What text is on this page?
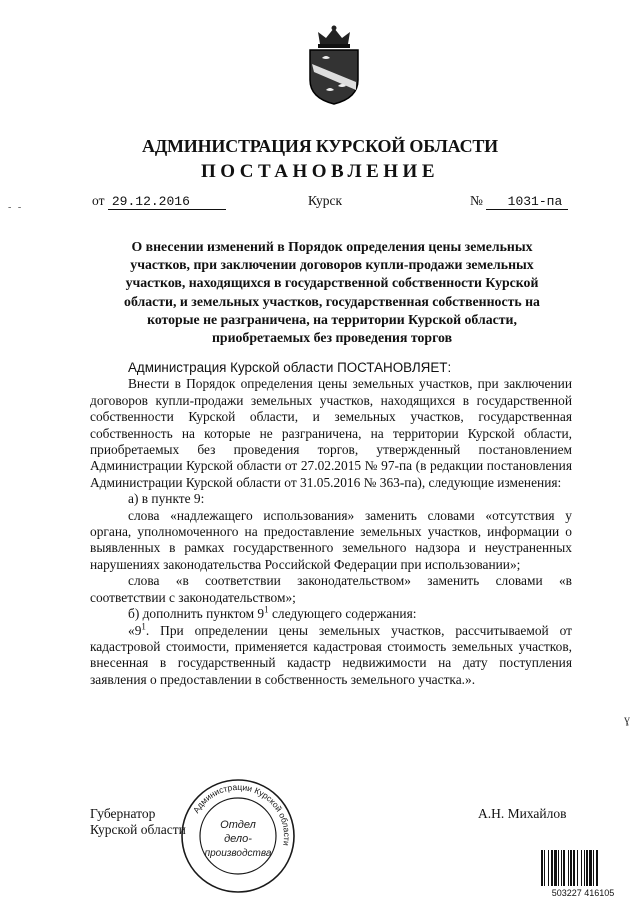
АДМИНИСТРАЦИЯ КУРСКОЙ ОБЛАСТИ
ПОСТАНОВЛЕНИЕ
от 29.12.2016	Курск	№ 1031-па
- -
ɣ
О внесении изменений в Порядок определения цены земельных
участков, при заключении договоров купли-продажи земельных
участков, находящихся в государственной собственности Курской
области, и земельных участков, государственная собственность на
которые не разграничена, на территории Курской области,
приобретаемых без проведения торгов

Администрация Курской области ПОСТАНОВЛЯЕТ:

Внести в Порядок определения цены земельных участков, при заключении договоров купли-продажи земельных участков, находящихся в государственной собственности Курской области, и земельных участков, государственная собственность на которые не разграничена, на территории Курской области, приобретаемых без проведения торгов, утвержденный постановлением Администрации Курской области от 27.02.2015 № 97-па (в редакции постановления Администрации Курской области от 31.05.2016 № 363-па), следующие изменения:

а) в пункте 9:

слова «надлежащего использования» заменить словами «отсутствия у органа, уполномоченного на предоставление земельных участков, информации о выявленных в рамках государственного земельного надзора и неустраненных нарушениях законодательства Российской Федерации при использовании»;

слова «в соответствии законодательством» заменить словами «в соответствии с законодательством»;

б) дополнить пунктом $9^1$ следующего содержания:

«$9^1$. При определении цены земельных участков, рассчитываемой от кадастровой стоимости, применяется кадастровая стоимость земельных участков, внесенная в государственный кадастр недвижимости на дату поступления заявления о предоставлении в собственность земельного участка.».

Губернатор
Курской области
А.Н. Михайлов
Администрации Курской области
Отдел
дело-
производства
503227 416105
